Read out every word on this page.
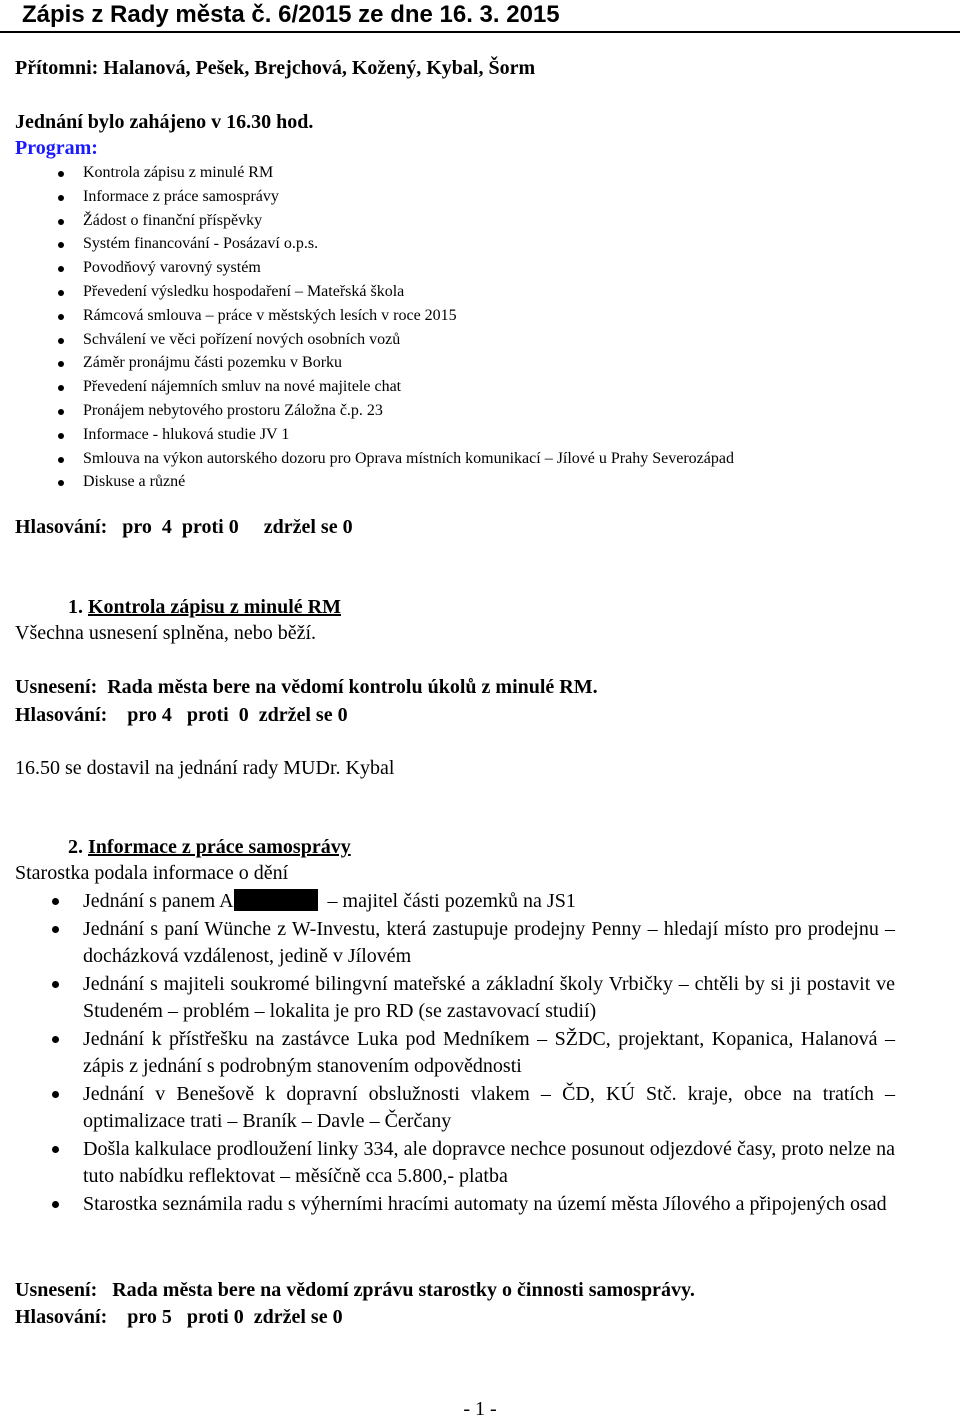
Zápis z Rady města č. 6/2015 ze dne 16. 3. 2015

Přítomni: Halanová, Pešek, Brejchová, Kožený, Kybal, Šorm

Jednání bylo zahájeno v 16.30 hod.

Program:
Kontrola zápisu z minulé RM
Informace z práce samosprávy
Žádost o finanční příspěvky
Systém financování - Posázaví o.p.s.
Povodňový varovný systém
Převedení výsledku hospodaření – Mateřská škola
Rámcová smlouva – práce v městských lesích v roce 2015
Schválení ve věci pořízení nových osobních vozů
Záměr pronájmu části pozemku v Borku
Převedení nájemních smluv na nové majitele chat
Pronájem nebytového prostoru Záložna č.p. 23
Informace - hluková studie JV 1
Smlouva na výkon autorského dozoru pro Oprava místních komunikací – Jílové u Prahy Severozápad
Diskuse a různé

Hlasování:   pro  4  proti 0     zdržel se 0

1. Kontrola zápisu z minulé RM
Všechna usnesení splněna, nebo běží.

Usnesení:  Rada města bere na vědomí kontrolu úkolů z minulé RM.

Hlasování:    pro 4   proti  0  zdržel se 0

16.50 se dostavil na jednání rady MUDr. Kybal
2. Informace z práce samosprávy
Starostka podala informace o dění
Jednání s panem A	– majitel části pozemků na JS1
Jednání s paní Wünche z W-Investu, která zastupuje prodejny Penny – hledají místo pro prodejnu – docházková vzdálenost, jedině v Jílovém
Jednání s majiteli soukromé bilingvní mateřské a základní školy Vrbičky – chtěli by si ji postavit ve Studeném – problém – lokalita je pro RD (se zastavovací studií)
Jednání k přístřešku na zastávce Luka pod Medníkem – SŽDC, projektant, Kopanica, Halanová – zápis z jednání s podrobným stanovením odpovědnosti
Jednání v Benešově k dopravní obslužnosti vlakem – ČD, KÚ Stč. kraje, obce na tratích – optimalizace trati – Braník – Davle – Čerčany
Došla kalkulace prodloužení linky 334, ale dopravce nechce posunout odjezdové časy, proto nelze na tuto nabídku reflektovat – měsíčně cca 5.800,- platba
Starostka seznámila radu s výherními hracími automaty na území města Jílového a připojených osad

Usnesení:   Rada města bere na vědomí zprávu starostky o činnosti samosprávy.

Hlasování:    pro 5   proti 0  zdržel se 0

- 1 -
